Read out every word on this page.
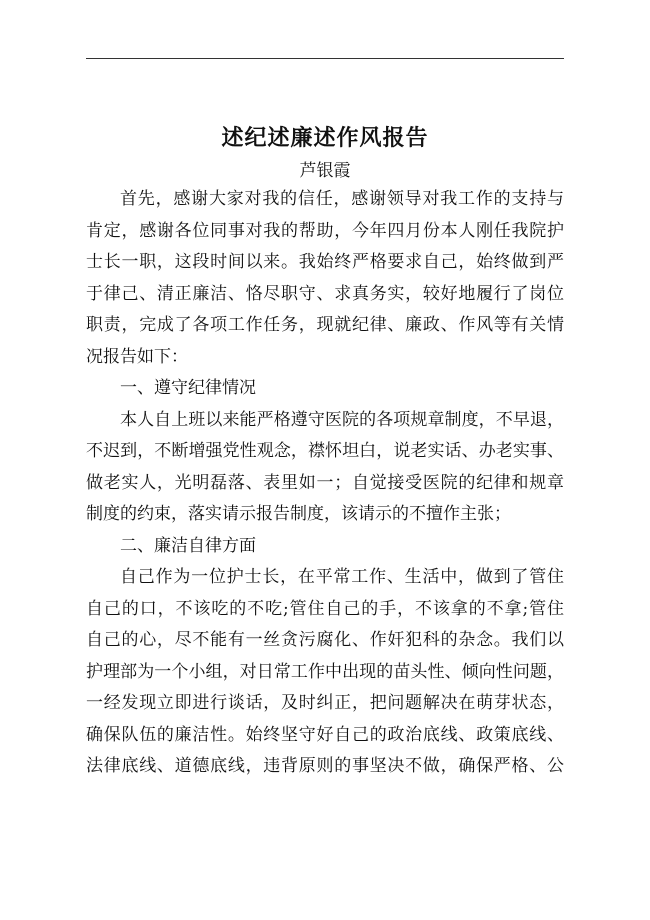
述纪述廉述作风报告
芦银霞
首先，感谢大家对我的信任，感谢领导对我工作的支持与
肯定，感谢各位同事对我的帮助，今年四月份本人刚任我院护
士长一职，这段时间以来。我始终严格要求自己，始终做到严
于律己、清正廉洁、恪尽职守、求真务实，较好地履行了岗位
职责，完成了各项工作任务，现就纪律、廉政、作风等有关情
况报告如下：
一、遵守纪律情况
本人自上班以来能严格遵守医院的各项规章制度，不早退，
不迟到，不断增强党性观念，襟怀坦白，说老实话、办老实事、
做老实人，光明磊落、表里如一；自觉接受医院的纪律和规章
制度的约束，落实请示报告制度，该请示的不擅作主张；
二、廉洁自律方面
自己作为一位护士长，在平常工作、生活中，做到了管住
自己的口，不该吃的不吃;管住自己的手，不该拿的不拿;管住
自己的心，尽不能有一丝贪污腐化、作奸犯科的杂念。我们以
护理部为一个小组，对日常工作中出现的苗头性、倾向性问题，
一经发现立即进行谈话，及时纠正，把问题解决在萌芽状态，
确保队伍的廉洁性。始终坚守好自己的政治底线、政策底线、
法律底线、道德底线，违背原则的事坚决不做，确保严格、公
